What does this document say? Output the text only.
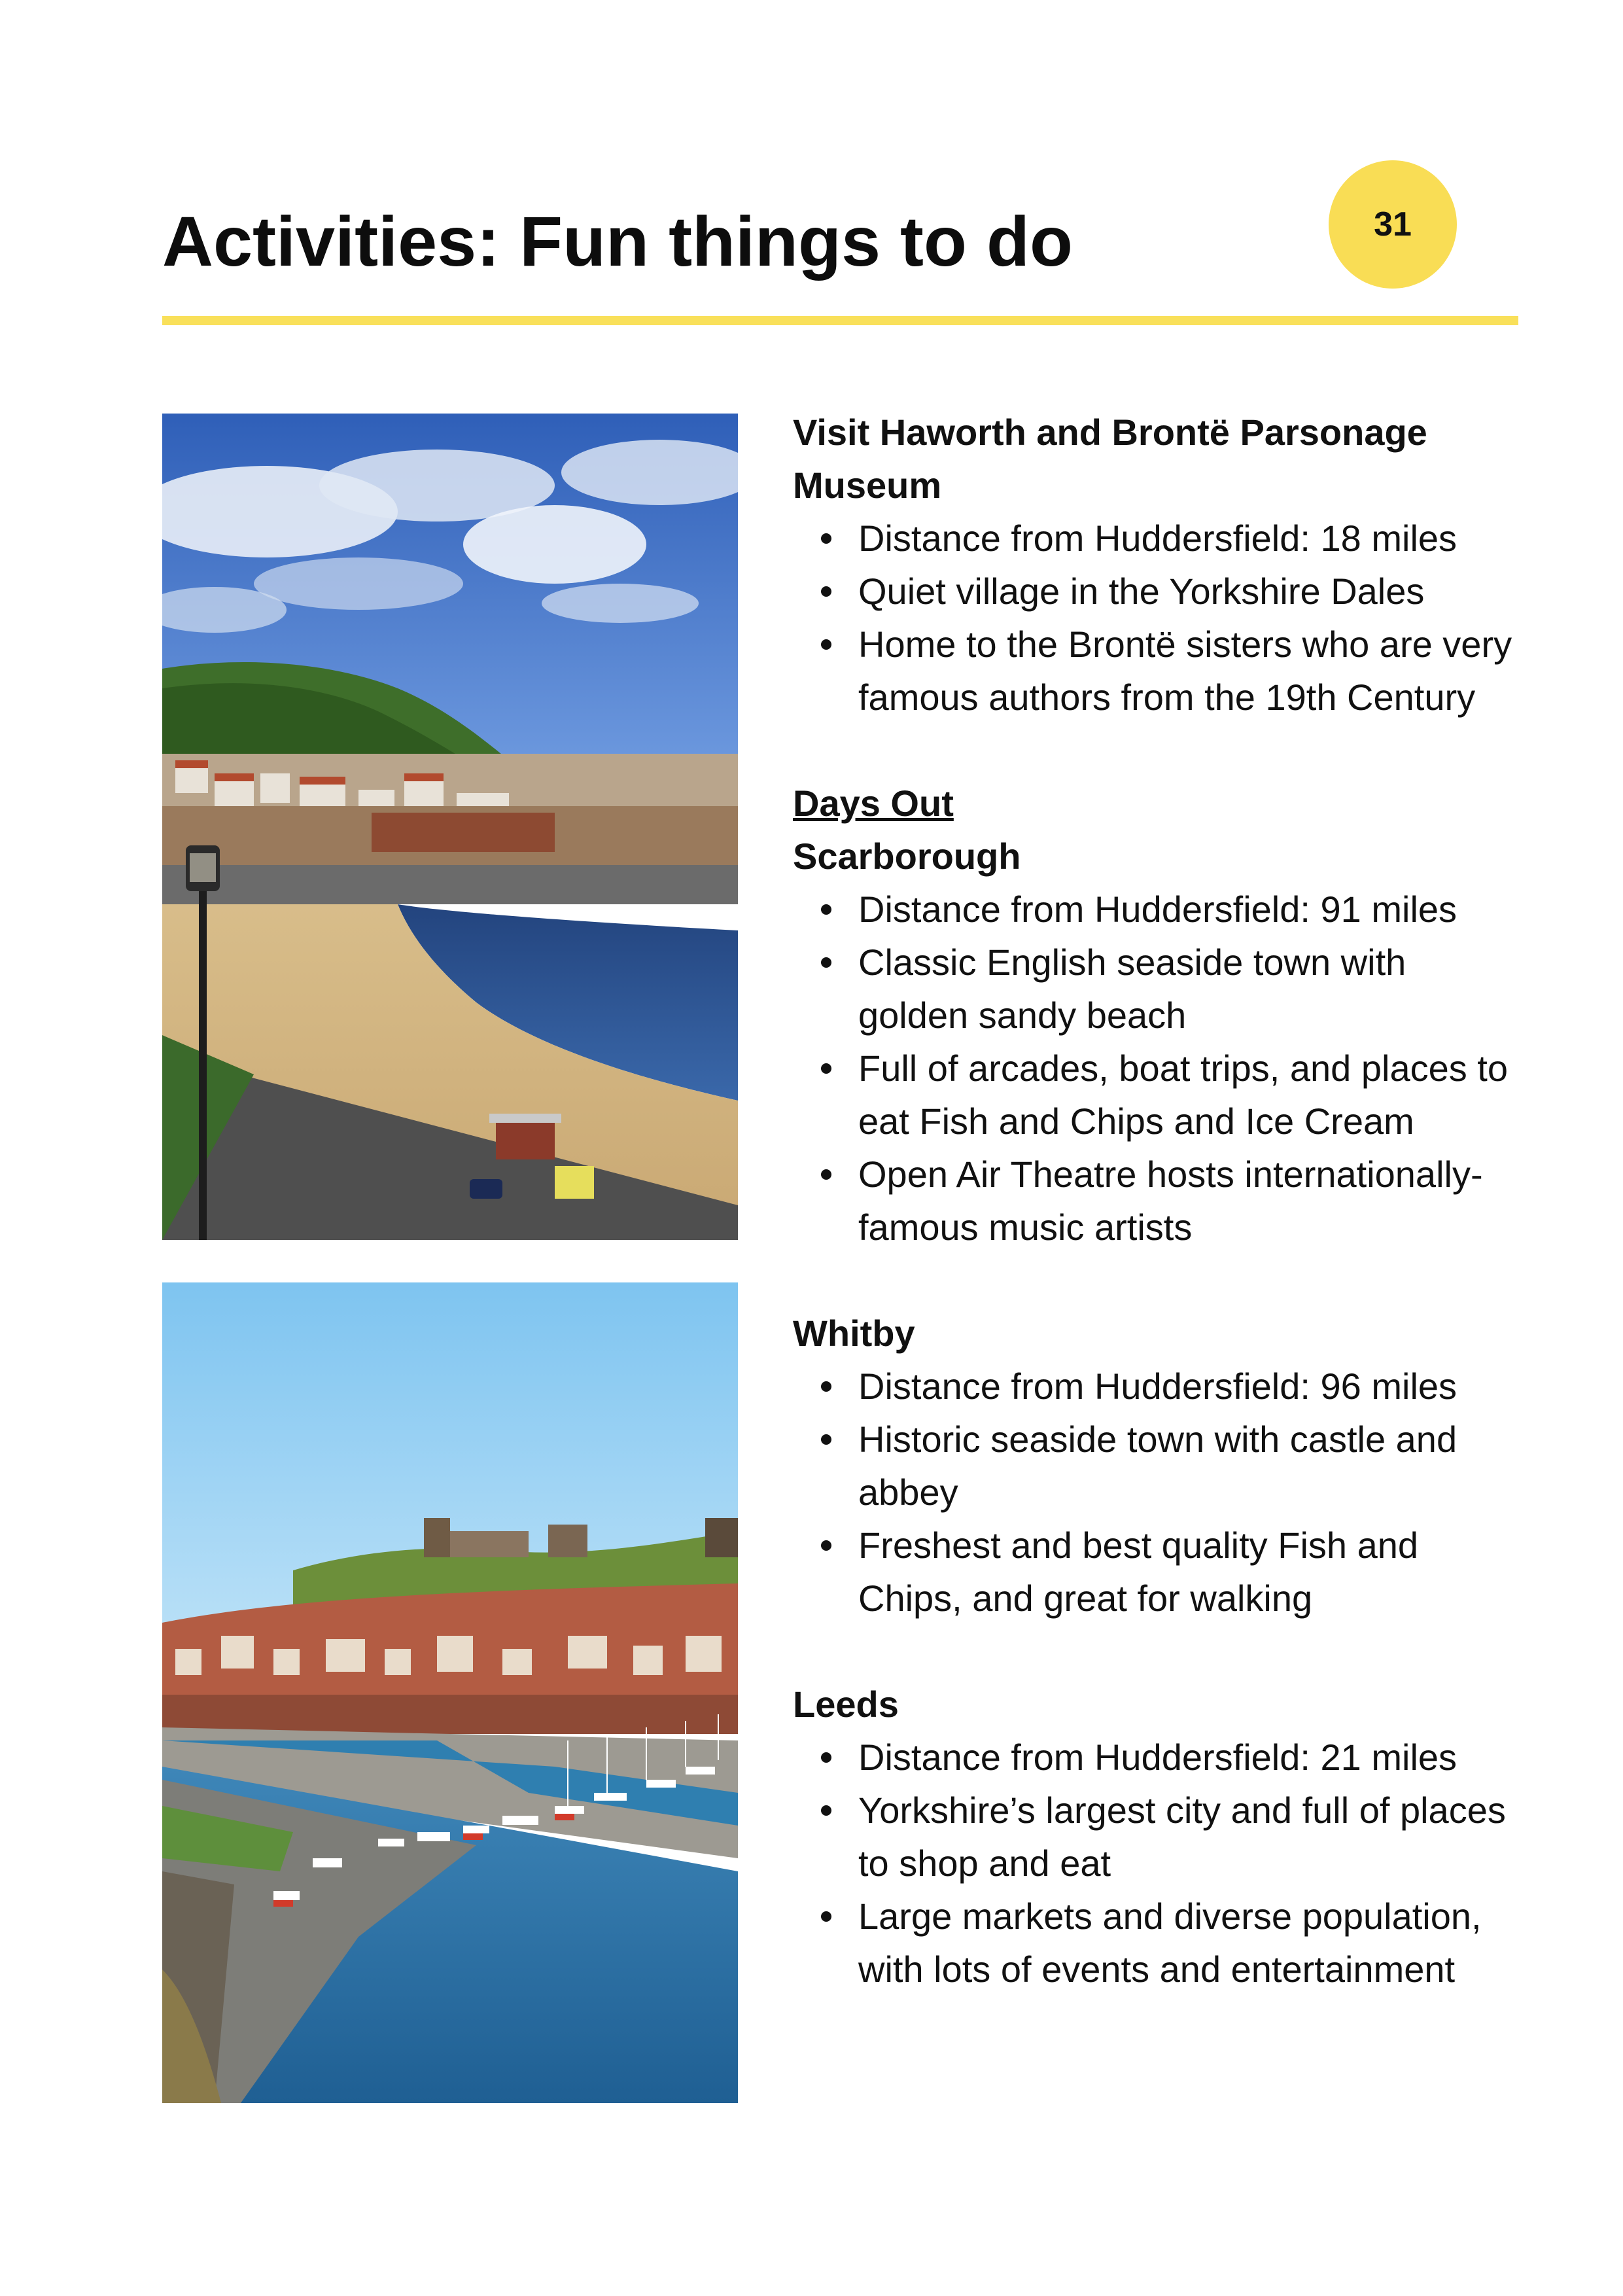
Activities: Fun things to do	31

Visit Haworth and Brontë Parsonage Museum

Distance from Huddersfield: 18 miles
Quiet village in the Yorkshire Dales
Home to the Brontë sisters who are very famous authors from the 19th Century

Days Out

Scarborough

Distance from Huddersfield: 91 miles
Classic English seaside town with golden sandy beach
Full of arcades, boat trips, and places to eat Fish and Chips and Ice Cream
Open Air Theatre hosts internationally-famous music artists

Whitby

Distance from Huddersfield: 96 miles
Historic seaside town with castle and abbey
Freshest and best quality Fish and Chips, and great for walking

Leeds

Distance from Huddersfield: 21 miles
Yorkshire’s largest city and full of places to shop and eat
Large markets and diverse population, with lots of events and entertainment
